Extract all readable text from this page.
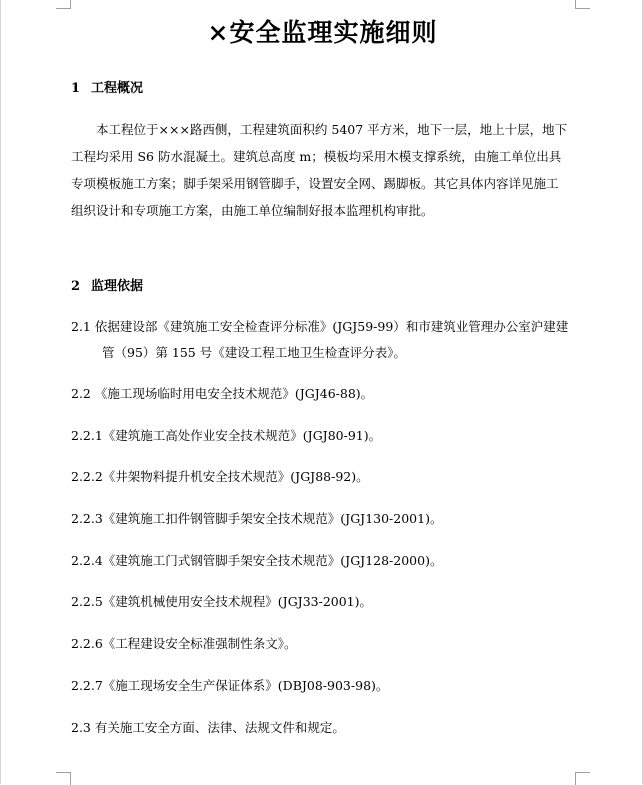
×安全监理实施细则
1 工程概况
本工程位于×××路西侧，工程建筑面积约 5407 平方米，地下一层，地上十层，地下
工程均采用 S6 防水混凝土。建筑总高度 m；模板均采用木模支撑系统，由施工单位出具
专项模板施工方案；脚手架采用钢管脚手，设置安全网、踢脚板。其它具体内容详见施工
组织设计和专项施工方案，由施工单位编制好报本监理机构审批。
2 监理依据
2.1 依据建设部《建筑施工安全检查评分标准》(JGJ59-99）和市建筑业管理办公室沪建建
管（95）第 155 号《建设工程工地卫生检查评分表》。
2.2 《施工现场临时用电安全技术规范》(JGJ46-88)。
2.2.1《建筑施工高处作业安全技术规范》(JGJ80-91)。
2.2.2《井架物料提升机安全技术规范》(JGJ88-92)。
2.2.3《建筑施工扣件钢管脚手架安全技术规范》(JGJ130-2001)。
2.2.4《建筑施工门式钢管脚手架安全技术规范》(JGJ128-2000)。
2.2.5《建筑机械使用安全技术规程》(JGJ33-2001)。
2.2.6《工程建设安全标准强制性条文》。
2.2.7《施工现场安全生产保证体系》(DBJ08-903-98)。
2.3 有关施工安全方面、法律、法规文件和规定。
